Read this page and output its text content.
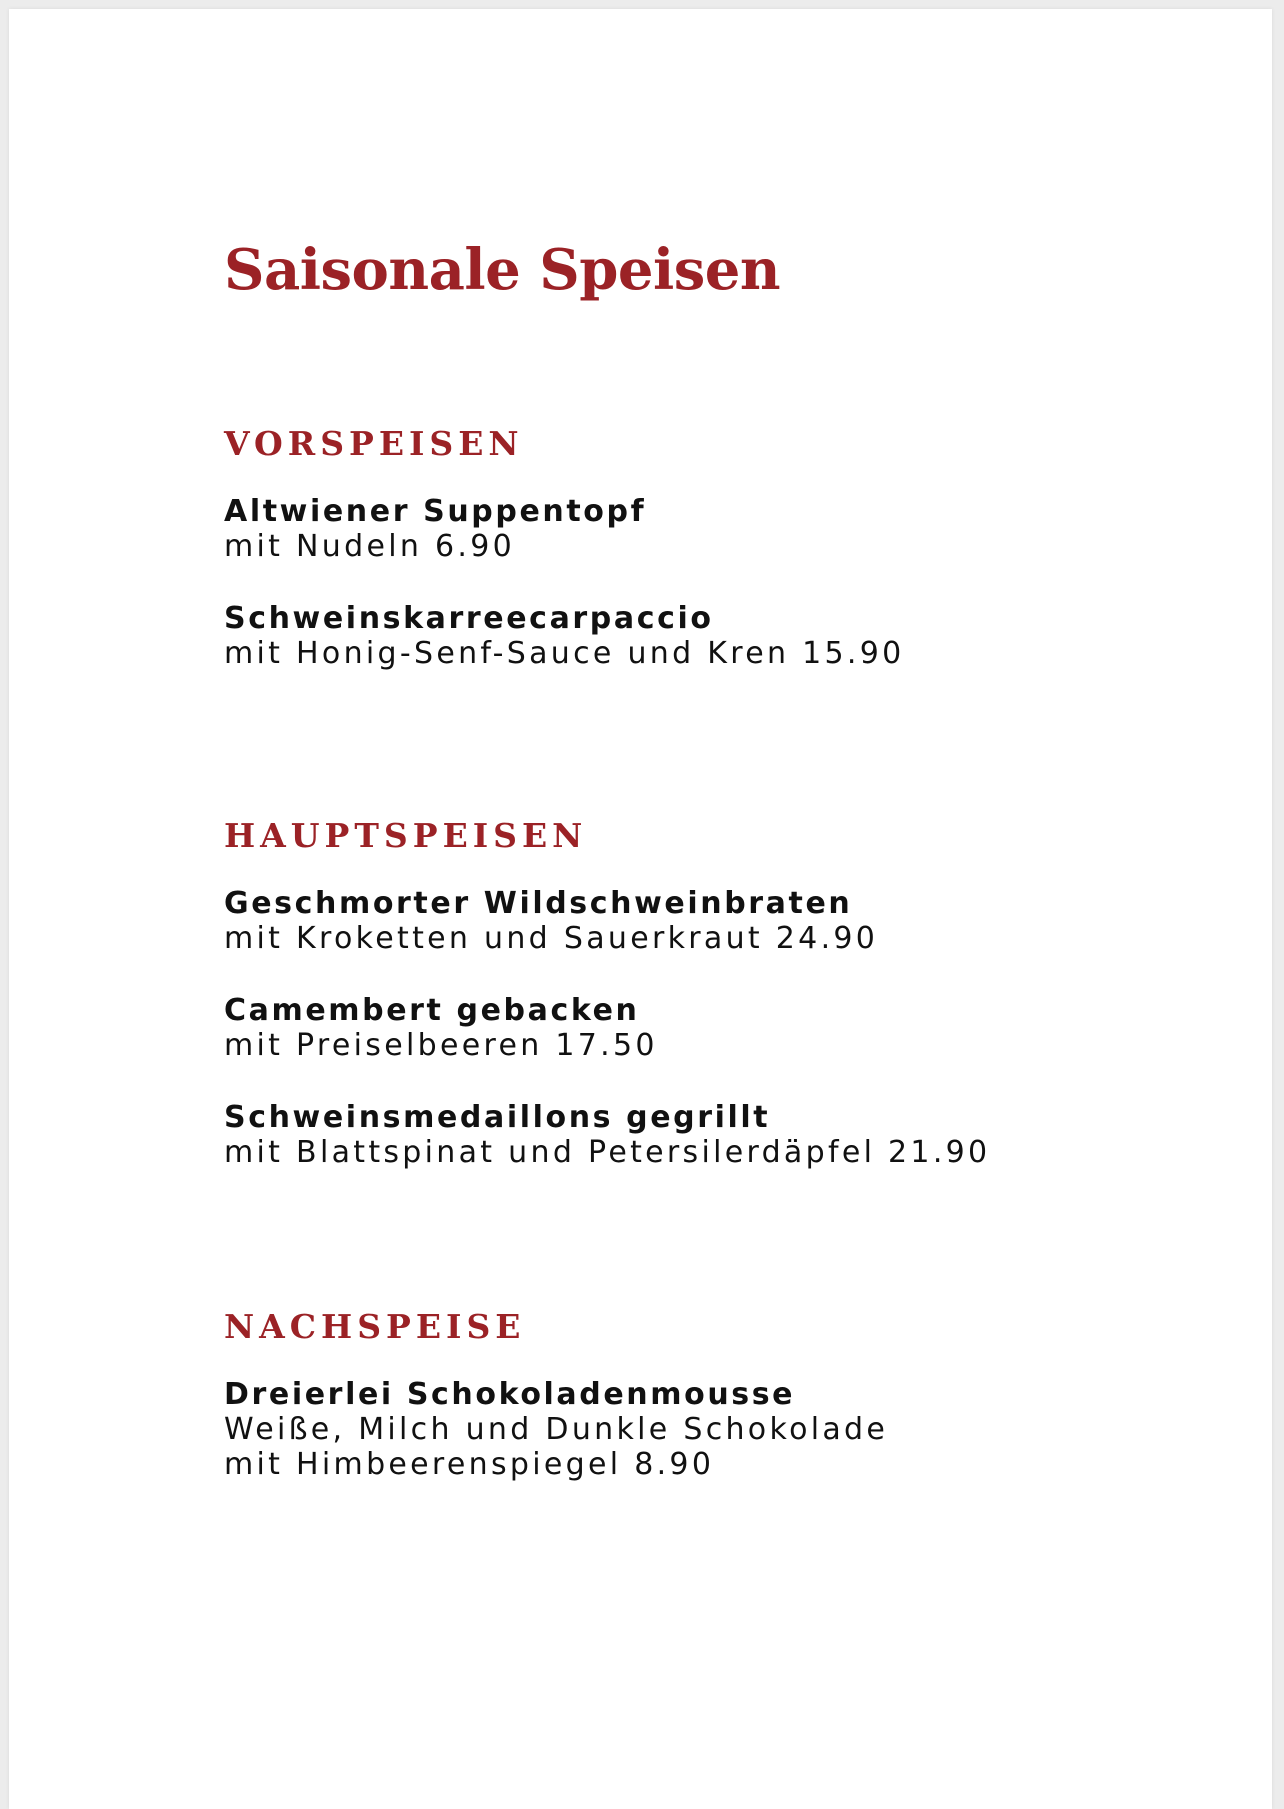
Saisonale Speisen
VORSPEISEN
Altwiener Suppentopf
mit Nudeln 6.90
Schweinskarreecarpaccio
mit Honig-Senf-Sauce und Kren 15.90
HAUPTSPEISEN
Geschmorter Wildschweinbraten
mit Kroketten und Sauerkraut 24.90
Camembert gebacken
mit Preiselbeeren 17.50
Schweinsmedaillons gegrillt
mit Blattspinat und Petersilerdäpfel 21.90
NACHSPEISE
Dreierlei Schokoladenmousse
Weiße, Milch und Dunkle Schokolade
mit Himbeerenspiegel 8.90
